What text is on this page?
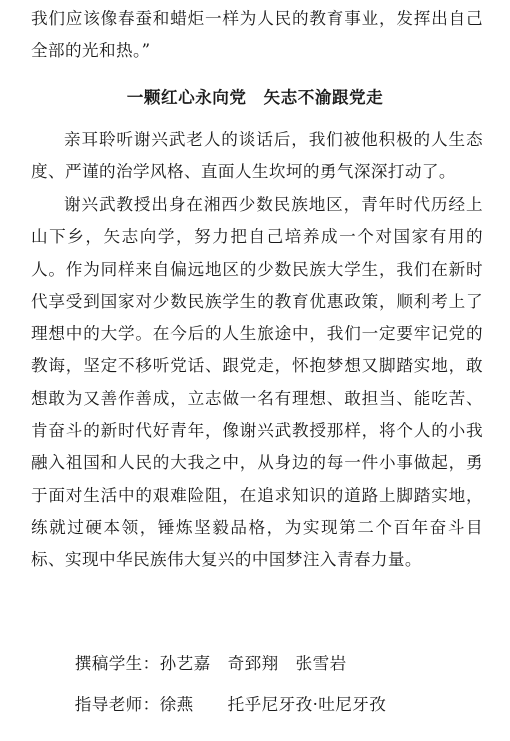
我们应该像春蚕和蜡炬一样为人民的教育事业，发挥出自己全部的光和热。”

一颗红心永向党　矢志不渝跟党走

亲耳聆听谢兴武老人的谈话后，我们被他积极的人生态度、严谨的治学风格、直面人生坎坷的勇气深深打动了。

谢兴武教授出身在湘西少数民族地区，青年时代历经上山下乡，矢志向学，努力把自己培养成一个对国家有用的人。作为同样来自偏远地区的少数民族大学生，我们在新时代享受到国家对少数民族学生的教育优惠政策，顺利考上了理想中的大学。在今后的人生旅途中，我们一定要牢记党的教诲，坚定不移听党话、跟党走，怀抱梦想又脚踏实地，敢想敢为又善作善成，立志做一名有理想、敢担当、能吃苦、肯奋斗的新时代好青年，像谢兴武教授那样，将个人的小我融入祖国和人民的大我之中，从身边的每一件小事做起，勇于面对生活中的艰难险阻，在追求知识的道路上脚踏实地，练就过硬本领，锤炼坚毅品格，为实现第二个百年奋斗目标、实现中华民族伟大复兴的中国梦注入青春力量。

撰稿学生：孙艺嘉　奇郅翔　张雪岩

指导老师：徐燕　　托乎尼牙孜·吐尼牙孜
